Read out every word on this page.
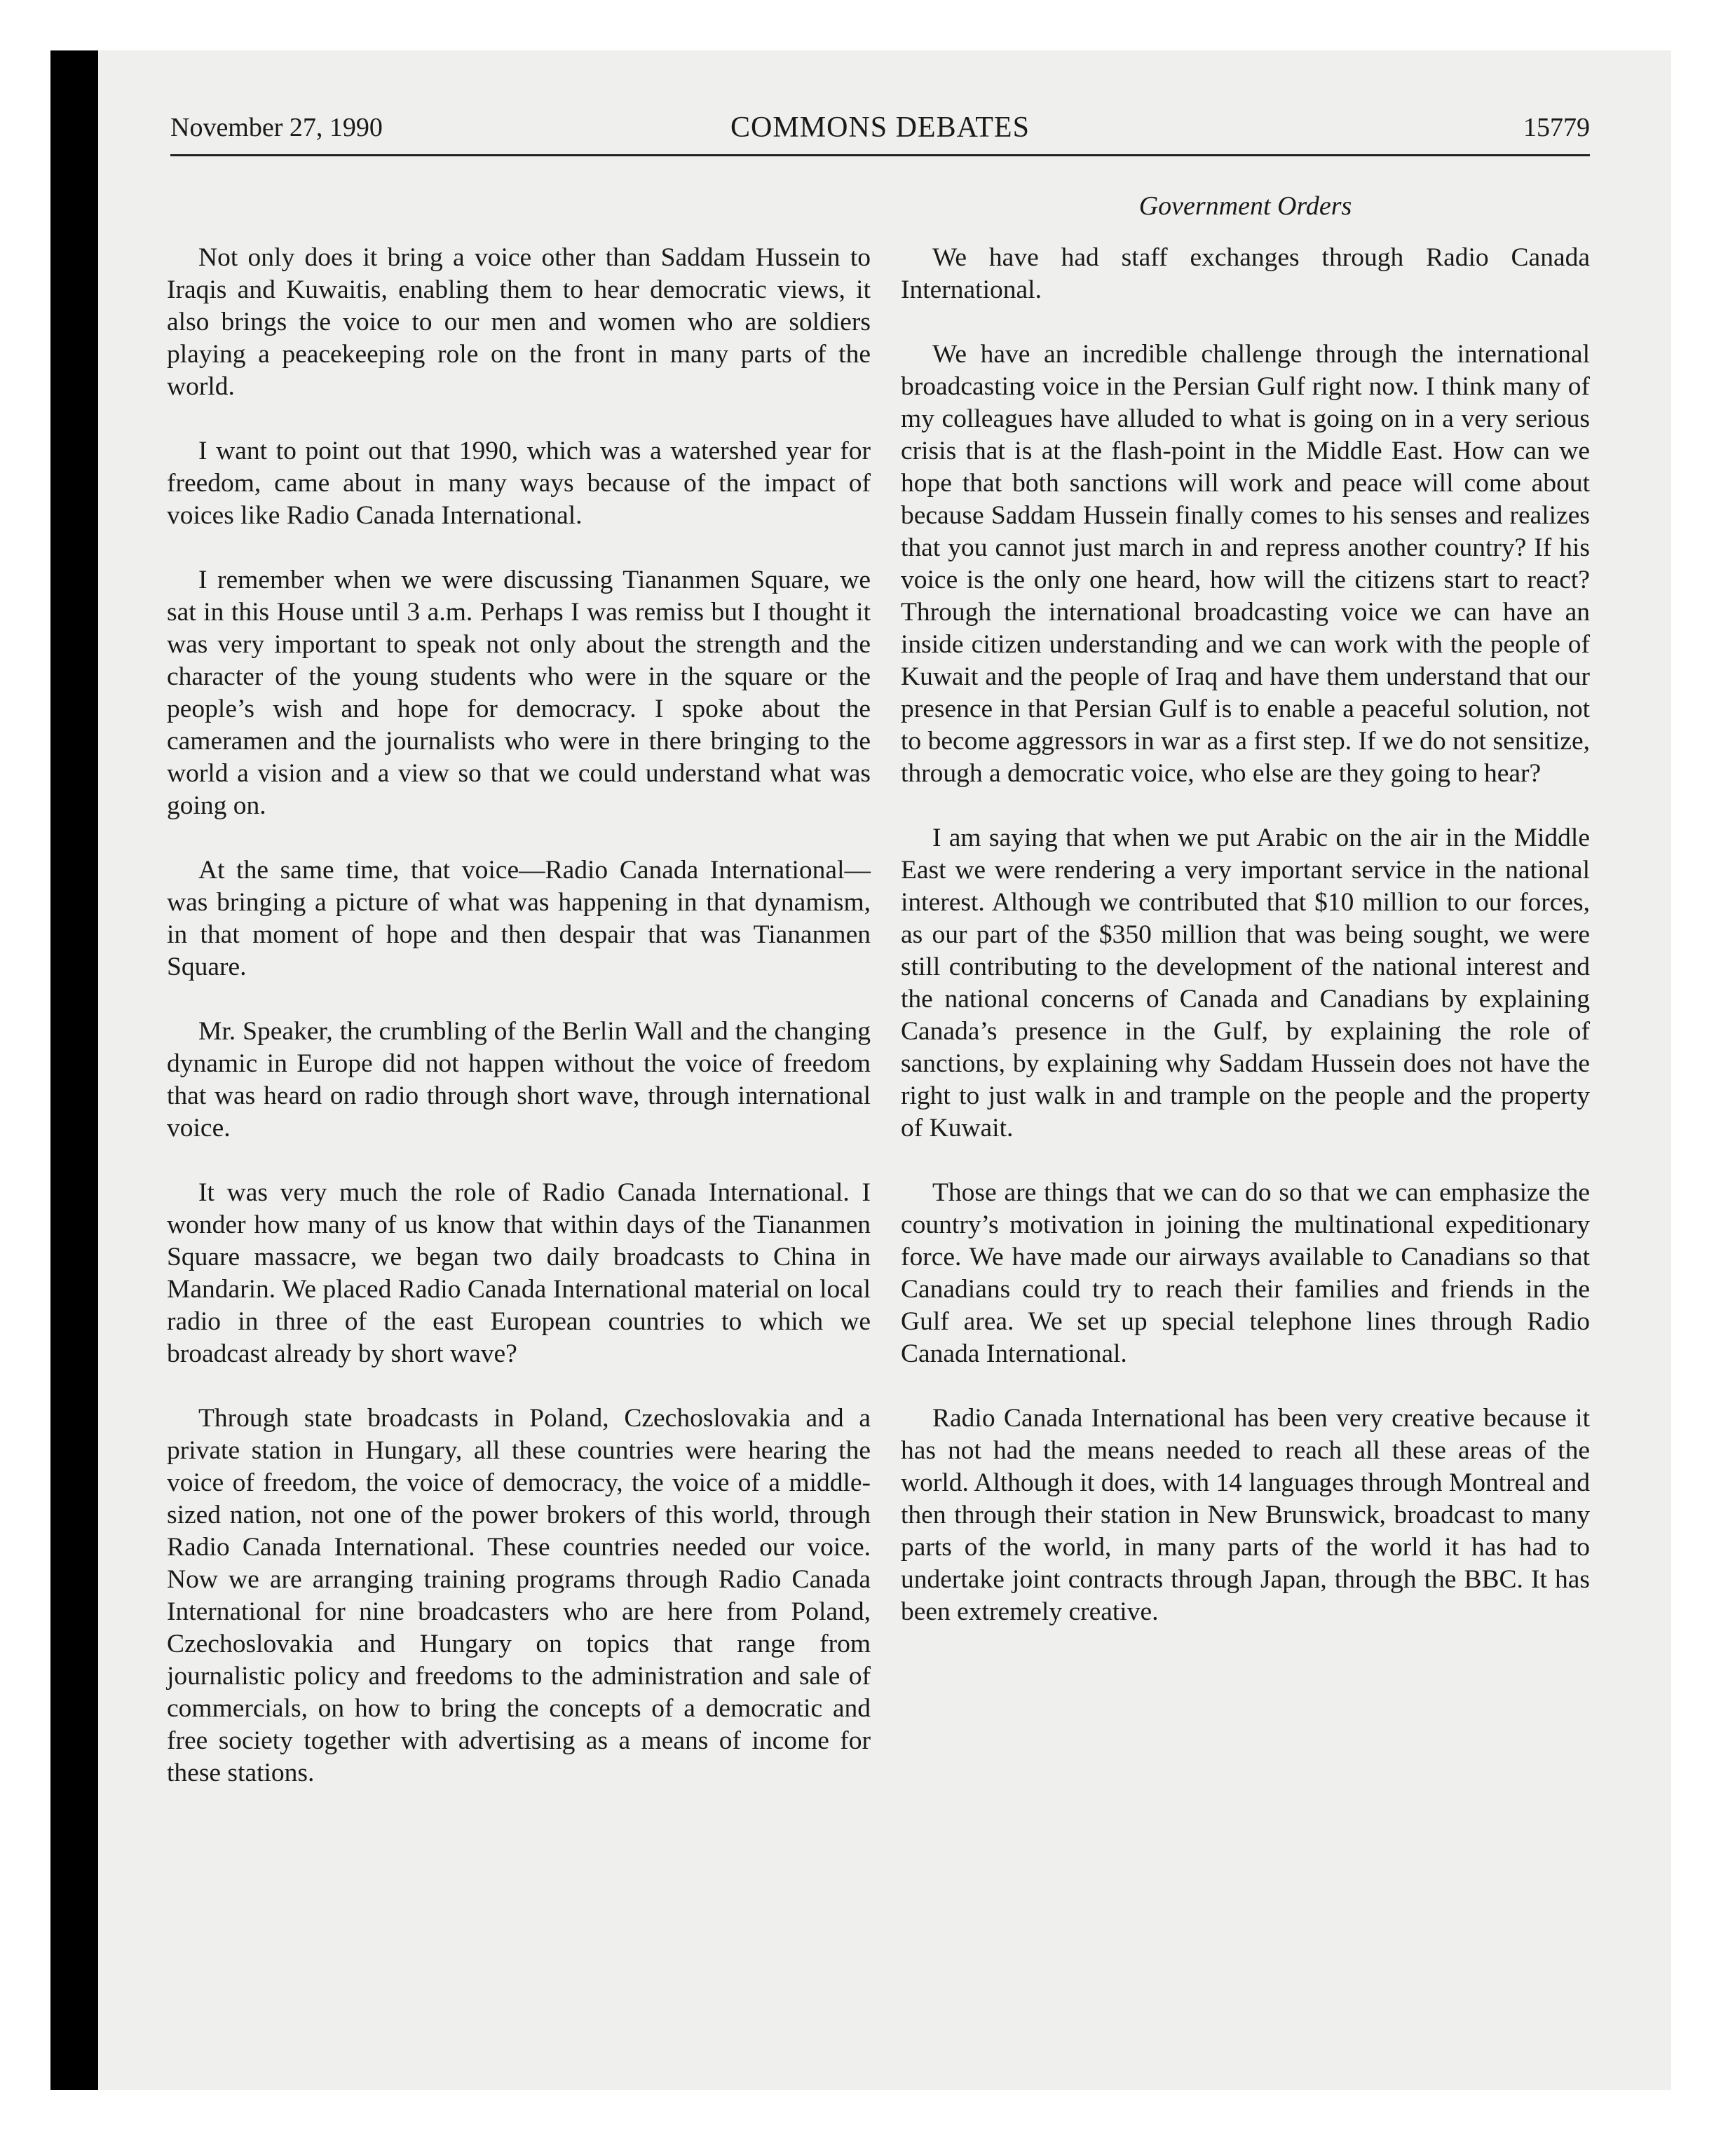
November 27, 1990	COMMONS DEBATES	15779
Government Orders

Not only does it bring a voice other than Saddam Hussein to Iraqis and Kuwaitis, enabling them to hear democratic views, it also brings the voice to our men and women who are soldiers playing a peacekeeping role on the front in many parts of the world.

I want to point out that 1990, which was a watershed year for freedom, came about in many ways because of the impact of voices like Radio Canada International.

I remember when we were discussing Tiananmen Square, we sat in this House until 3 a.m. Perhaps I was remiss but I thought it was very important to speak not only about the strength and the character of the young students who were in the square or the people’s wish and hope for democracy. I spoke about the cameramen and the journalists who were in there bringing to the world a vision and a view so that we could understand what was going on.

At the same time, that voice—Radio Canada International—was bringing a picture of what was happening in that dynamism, in that moment of hope and then despair that was Tiananmen Square.

Mr. Speaker, the crumbling of the Berlin Wall and the changing dynamic in Europe did not happen without the voice of freedom that was heard on radio through short wave, through international voice.

It was very much the role of Radio Canada International. I wonder how many of us know that within days of the Tiananmen Square massacre, we began two daily broadcasts to China in Mandarin. We placed Radio Canada International material on local radio in three of the east European countries to which we broadcast already by short wave?

Through state broadcasts in Poland, Czechoslovakia and a private station in Hungary, all these countries were hearing the voice of freedom, the voice of democracy, the voice of a middle-sized nation, not one of the power brokers of this world, through Radio Canada International. These countries needed our voice. Now we are arranging training programs through Radio Canada International for nine broadcasters who are here from Poland, Czechoslovakia and Hungary on topics that range from journalistic policy and freedoms to the administration and sale of commercials, on how to bring the concepts of a democratic and free society together with advertising as a means of income for these stations.

We have had staff exchanges through Radio Canada International.

We have an incredible challenge through the international broadcasting voice in the Persian Gulf right now. I think many of my colleagues have alluded to what is going on in a very serious crisis that is at the flash-point in the Middle East. How can we hope that both sanctions will work and peace will come about because Saddam Hussein finally comes to his senses and realizes that you cannot just march in and repress another country? If his voice is the only one heard, how will the citizens start to react? Through the international broadcasting voice we can have an inside citizen understanding and we can work with the people of Kuwait and the people of Iraq and have them understand that our presence in that Persian Gulf is to enable a peaceful solution, not to become aggressors in war as a first step. If we do not sensitize, through a democratic voice, who else are they going to hear?

I am saying that when we put Arabic on the air in the Middle East we were rendering a very important service in the national interest. Although we contributed that $10 million to our forces, as our part of the $350 million that was being sought, we were still contributing to the development of the national interest and the national concerns of Canada and Canadians by explaining Canada’s presence in the Gulf, by explaining the role of sanctions, by explaining why Saddam Hussein does not have the right to just walk in and trample on the people and the property of Kuwait.

Those are things that we can do so that we can emphasize the country’s motivation in joining the multinational expeditionary force. We have made our airways available to Canadians so that Canadians could try to reach their families and friends in the Gulf area. We set up special telephone lines through Radio Canada International.

Radio Canada International has been very creative because it has not had the means needed to reach all these areas of the world. Although it does, with 14 languages through Montreal and then through their station in New Brunswick, broadcast to many parts of the world, in many parts of the world it has had to undertake joint contracts through Japan, through the BBC. It has been extremely creative.
